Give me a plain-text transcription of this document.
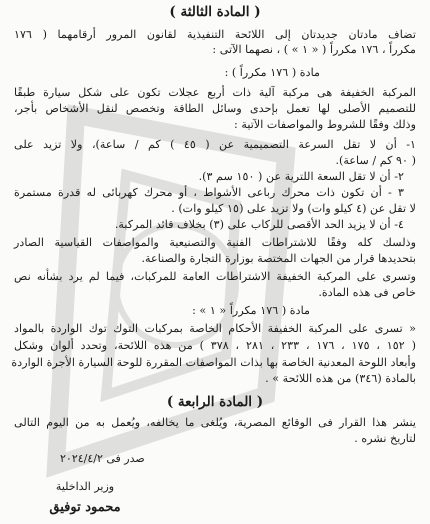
( المادة الثالثة )
تضاف مادتان جديدتان إلى اللائحة التنفيذية لقانون المرور أرقامهما ( ١٧٦
مكرراً ، ١٧٦ مكرراً ( « ١ » ) ، نصهما الآتى :
مادة ( ١٧٦ مكرراً ) :
المركبة الخفيفة هى مركبة آلية ذات أربع عجلات تكون على شكل سيارة طبقًا
للتصميم الأصلى لها تعمل بإحدى وسائل الطاقة وتخصص لنقل الأشخاص بأجر،
وذلك وفقًا للشروط والمواصفات الآتية :
١- أن لا تقل السرعة التصميمية عن ( ٤٥ ) كم / ساعة)، ولا تزيد على
( ٩٠ كم / ساعة).
٢- أن لا تقل السعة اللترية عن ( ١٥٠ سم ٣).
٣ - أن تكون ذات محرك رباعى الأشواط ، أو محرك كهربائى له قدرة مستمرة
لا تقل عن (٤ كيلو وات) ولا تزيد على (١٥ كيلو وات) .
٤- أن لا يزيد الحد الأقصى للركاب على (٣) بخلاف قائد المركبة.
وذلسك كله وفقًا للاشتراطات الفنية والتصنيعية والمواصفات القياسية الصادر
بتحديدها قرار من الجهات المختصة بوزارة التجارة والصناعة.
وتسرى على المركبة الخفيفة الاشتراطات العامة للمركبات، فيما لم يرد بشأنه نص
خاص فى هذه المادة.
مادة ( ١٧٦ مكرراً « ١ » :
« تسرى على المركبة الخفيفة الأحكام الخاصة بمركبات التوك توك الواردة بالمواد
( ١٥٢ ، ١٧٥ ، ١٧٦ ، ٢٣٣ ، ٢٨١ ، ٣٧٨ ) من هذه اللائحة، وتحدد ألوان وشكل
وأبعاد اللوحة المعدنية الخاصة بها بذات المواصفات المقررة للوحة السيارة الأجرة الواردة
بالمادة (٣٤٦) من هذه اللائحة » .
( المادة الرابعة )
ينشر هذا القرار فى الوقائع المصرية، ويُلغى ما يخالفه، ويُعمل به من اليوم التالى
لتاريخ نشره .
صدر فى ٢٠٢٤/٤/٢
وزير الداخلية
محمود توفيق
